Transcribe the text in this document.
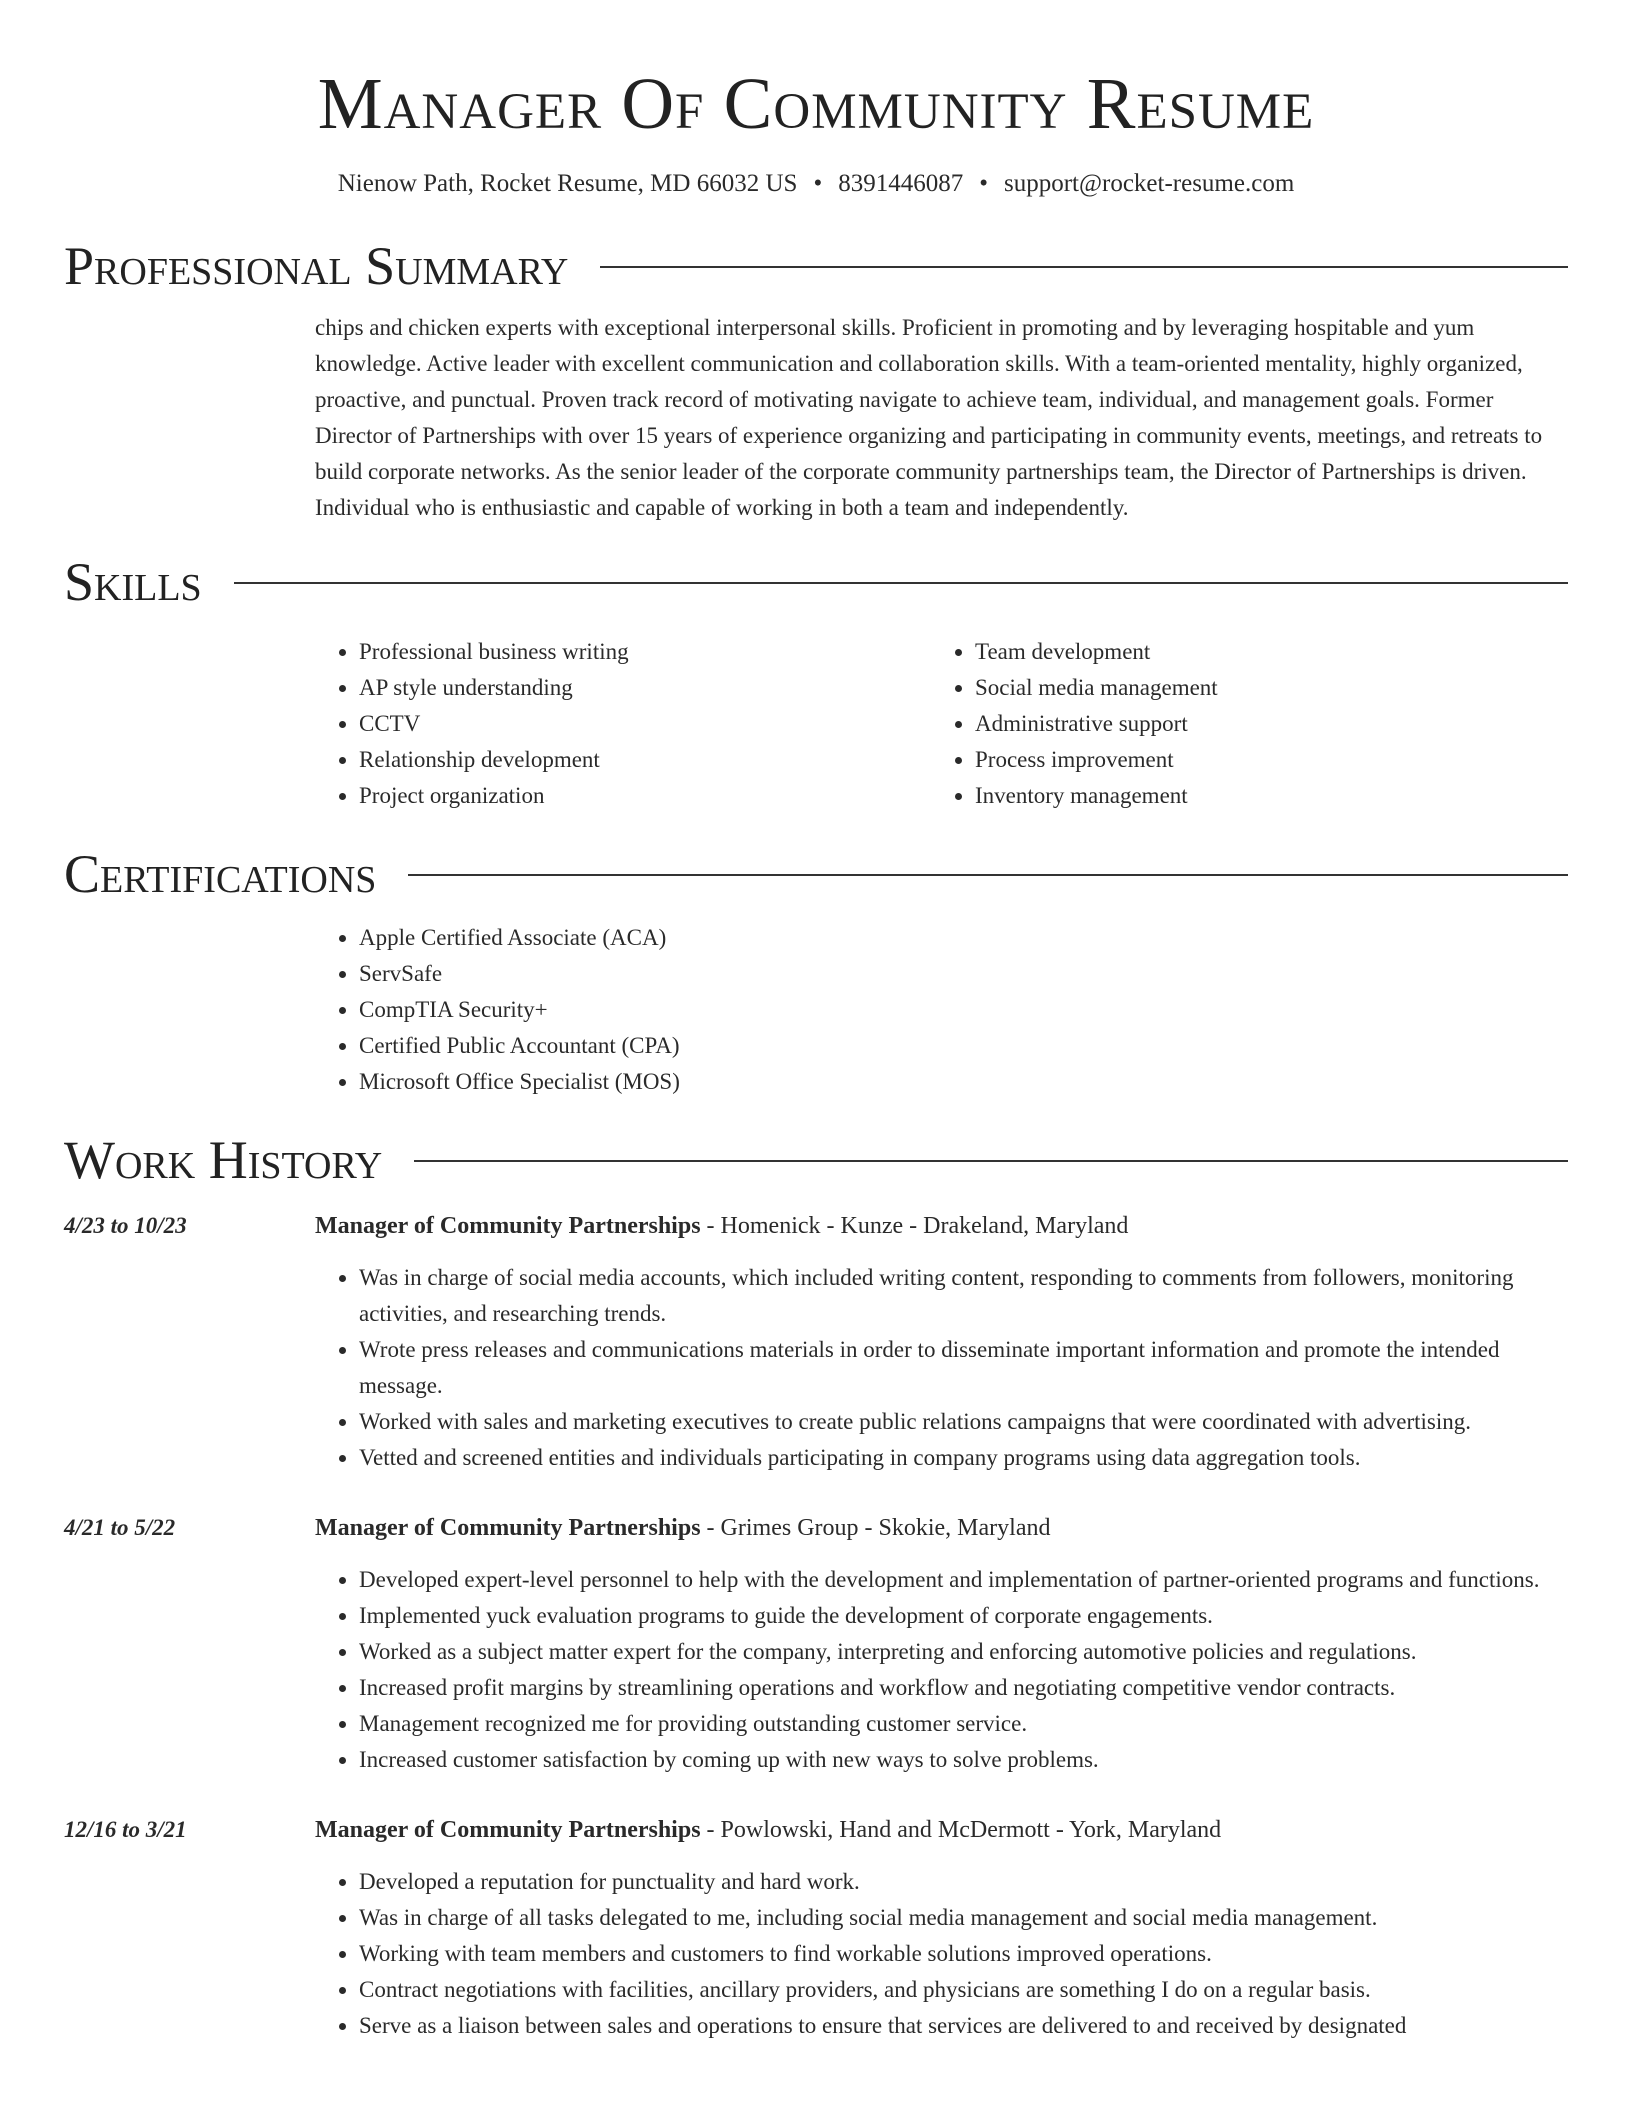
Manager Of Community Resume
Nienow Path, Rocket Resume, MD 66032 US • 8391446087 • support@rocket-resume.com
Professional Summary
chips and chicken experts with exceptional interpersonal skills. Proficient in promoting and by leveraging hospitable and yum knowledge. Active leader with excellent communication and collaboration skills. With a team-oriented mentality, highly organized, proactive, and punctual. Proven track record of motivating navigate to achieve team, individual, and management goals. Former Director of Partnerships with over 15 years of experience organizing and participating in community events, meetings, and retreats to build corporate networks. As the senior leader of the corporate community partnerships team, the Director of Partnerships is driven. Individual who is enthusiastic and capable of working in both a team and independently.
Skills
• Professional business writing
• AP style understanding
• CCTV
• Relationship development
• Project organization
• Team development
• Social media management
• Administrative support
• Process improvement
• Inventory management
Certifications
• Apple Certified Associate (ACA)
• ServSafe
• CompTIA Security+
• Certified Public Accountant (CPA)
• Microsoft Office Specialist (MOS)
Work History
4/23 to 10/23	Manager of Community Partnerships - Homenick - Kunze - Drakeland, Maryland
• Was in charge of social media accounts, which included writing content, responding to comments from followers, monitoring activities, and researching trends.
• Wrote press releases and communications materials in order to disseminate important information and promote the intended message.
• Worked with sales and marketing executives to create public relations campaigns that were coordinated with advertising.
• Vetted and screened entities and individuals participating in company programs using data aggregation tools.
4/21 to 5/22	Manager of Community Partnerships - Grimes Group - Skokie, Maryland
• Developed expert-level personnel to help with the development and implementation of partner-oriented programs and functions.
• Implemented yuck evaluation programs to guide the development of corporate engagements.
• Worked as a subject matter expert for the company, interpreting and enforcing automotive policies and regulations.
• Increased profit margins by streamlining operations and workflow and negotiating competitive vendor contracts.
• Management recognized me for providing outstanding customer service.
• Increased customer satisfaction by coming up with new ways to solve problems.
12/16 to 3/21	Manager of Community Partnerships - Powlowski, Hand and McDermott - York, Maryland
• Developed a reputation for punctuality and hard work.
• Was in charge of all tasks delegated to me, including social media management and social media management.
• Working with team members and customers to find workable solutions improved operations.
• Contract negotiations with facilities, ancillary providers, and physicians are something I do on a regular basis.
• Serve as a liaison between sales and operations to ensure that services are delivered to and received by designated
